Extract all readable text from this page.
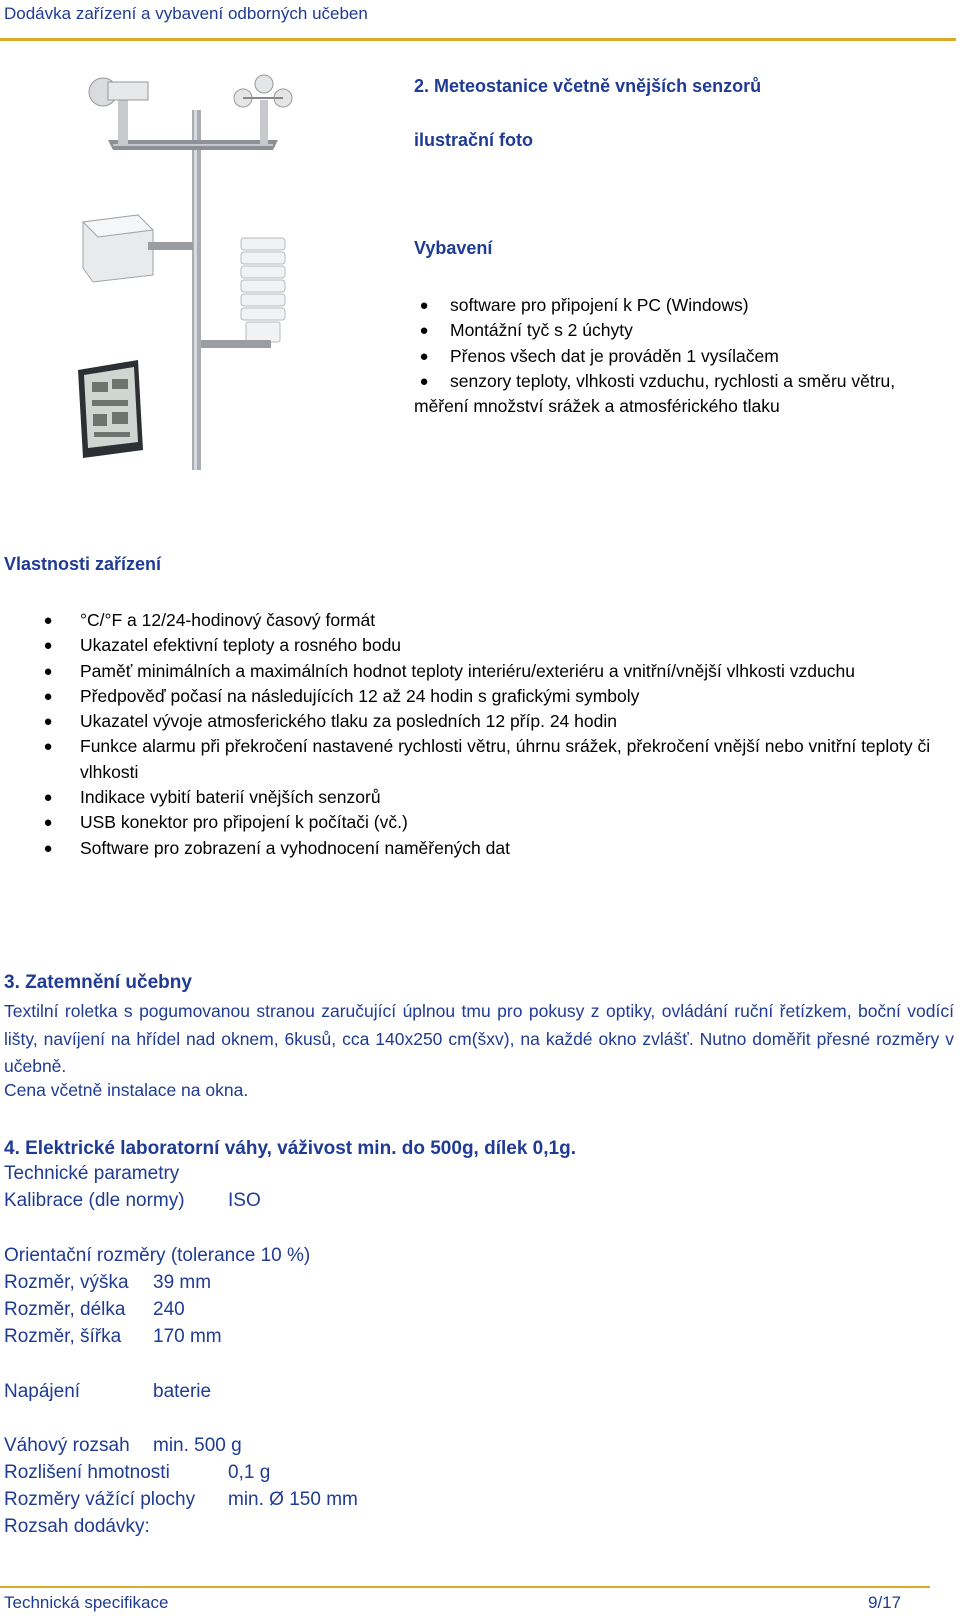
Dodávka zařízení a vybavení odborných učeben
2. Meteostanice včetně vnějších senzorů
ilustrační foto
Vybavení
●	software pro připojení k PC (Windows)
●	Montážní tyč s 2 úchyty
●	Přenos všech dat je prováděn 1 vysílačem
●	senzory teploty, vlhkosti vzduchu, rychlosti a směru větru, měření množství srážek a atmosférického tlaku
Vlastnosti zařízení
●	°C/°F a 12/24-hodinový časový formát
●	Ukazatel efektivní teploty a rosného bodu
●	Paměť minimálních a maximálních hodnot teploty interiéru/exteriéru a vnitřní/vnější vlhkosti vzduchu
●	Předpověď počasí na následujících 12 až 24 hodin s grafickými symboly
●	Ukazatel vývoje atmosferického tlaku za posledních 12 příp. 24 hodin
●	Funkce alarmu při překročení nastavené rychlosti větru, úhrnu srážek, překročení vnější nebo vnitřní teploty či vlhkosti
●	Indikace vybití baterií vnějších senzorů
●	USB konektor pro připojení k počítači (vč.)
●	Software pro zobrazení a vyhodnocení naměřených dat
3. Zatemnění učebny
Textilní roletka s pogumovanou stranou zaručující úplnou tmu pro pokusy z optiky, ovládání ruční řetízkem, boční vodící lišty, navíjení na hřídel nad oknem, 6kusů, cca 140x250 cm(šxv), na každé okno zvlášť. Nutno doměřit přesné rozměry v učebně.
Cena včetně instalace na okna.
4. Elektrické laboratorní váhy, váživost min. do 500g, dílek 0,1g.
Technické parametry
Kalibrace (dle normy) ISO
Orientační rozměry (tolerance 10 %)
Rozměr, výška 39 mm
Rozměr, délka 240
Rozměr, šířka 170 mm
Napájení	baterie
Váhový rozsah min. 500 g
Rozlišení hmotnosti	0,1 g
Rozměry vážící plochy min. Ø 150 mm
Rozsah dodávky:
Technická specifikace	9/17
